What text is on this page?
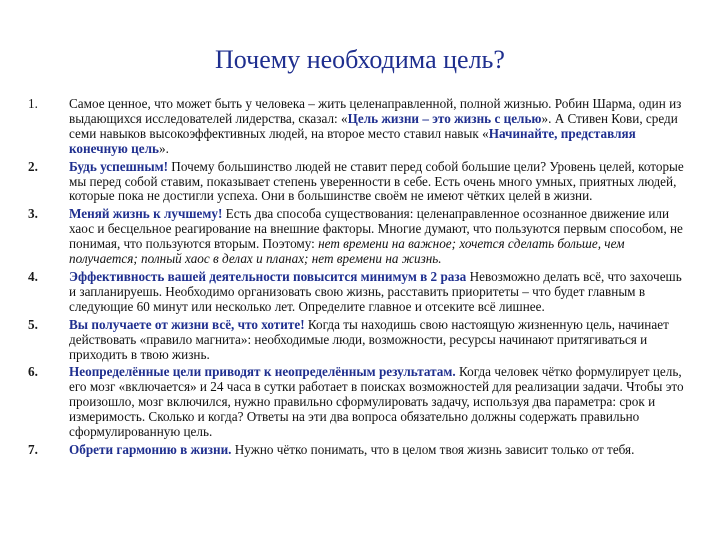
Почему необходима цель?
1. Самое ценное, что может быть у человека – жить целенаправленной, полной жизнью. Робин Шарма, один из выдающихся исследователей лидерства, сказал: «Цель жизни – это жизнь с целью». А Стивен Кови, среди семи навыков высокоэффективных людей, на второе место ставил навык «Начинайте, представляя конечную цель».
2. Будь успешным! Почему большинство людей не ставит перед собой большие цели? Уровень целей, которые мы перед собой ставим, показывает степень уверенности в себе. Есть очень много умных, приятных людей, которые пока не достигли успеха. Они в большинстве своём не имеют чётких целей в жизни.
3. Меняй жизнь к лучшему! Есть два способа существования: целенаправленное осознанное движение или хаос и бесцельное реагирование на внешние факторы. Многие думают, что пользуются первым способом, не понимая, что пользуются вторым. Поэтому: нет времени на важное; хочется сделать больше, чем получается; полный хаос в делах и планах; нет времени на жизнь.
4. Эффективность вашей деятельности повысится минимум в 2 раза Невозможно делать всё, что захочешь и запланируешь. Необходимо организовать свою жизнь, расставить приоритеты – что будет главным в следующие 60 минут или несколько лет. Определите главное и отсеките всё лишнее.
5. Вы получаете от жизни всё, что хотите! Когда ты находишь свою настоящую жизненную цель, начинает действовать «правило магнита»: необходимые люди, возможности, ресурсы начинают притягиваться и приходить в твою жизнь.
6. Неопределённые цели приводят к неопределённым результатам. Когда человек чётко формулирует цель, его мозг «включается» и 24 часа в сутки работает в поисках возможностей для реализации задачи. Чтобы это произошло, мозг включился, нужно правильно сформулировать задачу, используя два параметра: срок и измеримость. Сколько и когда? Ответы на эти два вопроса обязательно должны содержать правильно сформулированную цель.
7. Обрети гармонию в жизни. Нужно чётко понимать, что в целом твоя жизнь зависит только от тебя.
